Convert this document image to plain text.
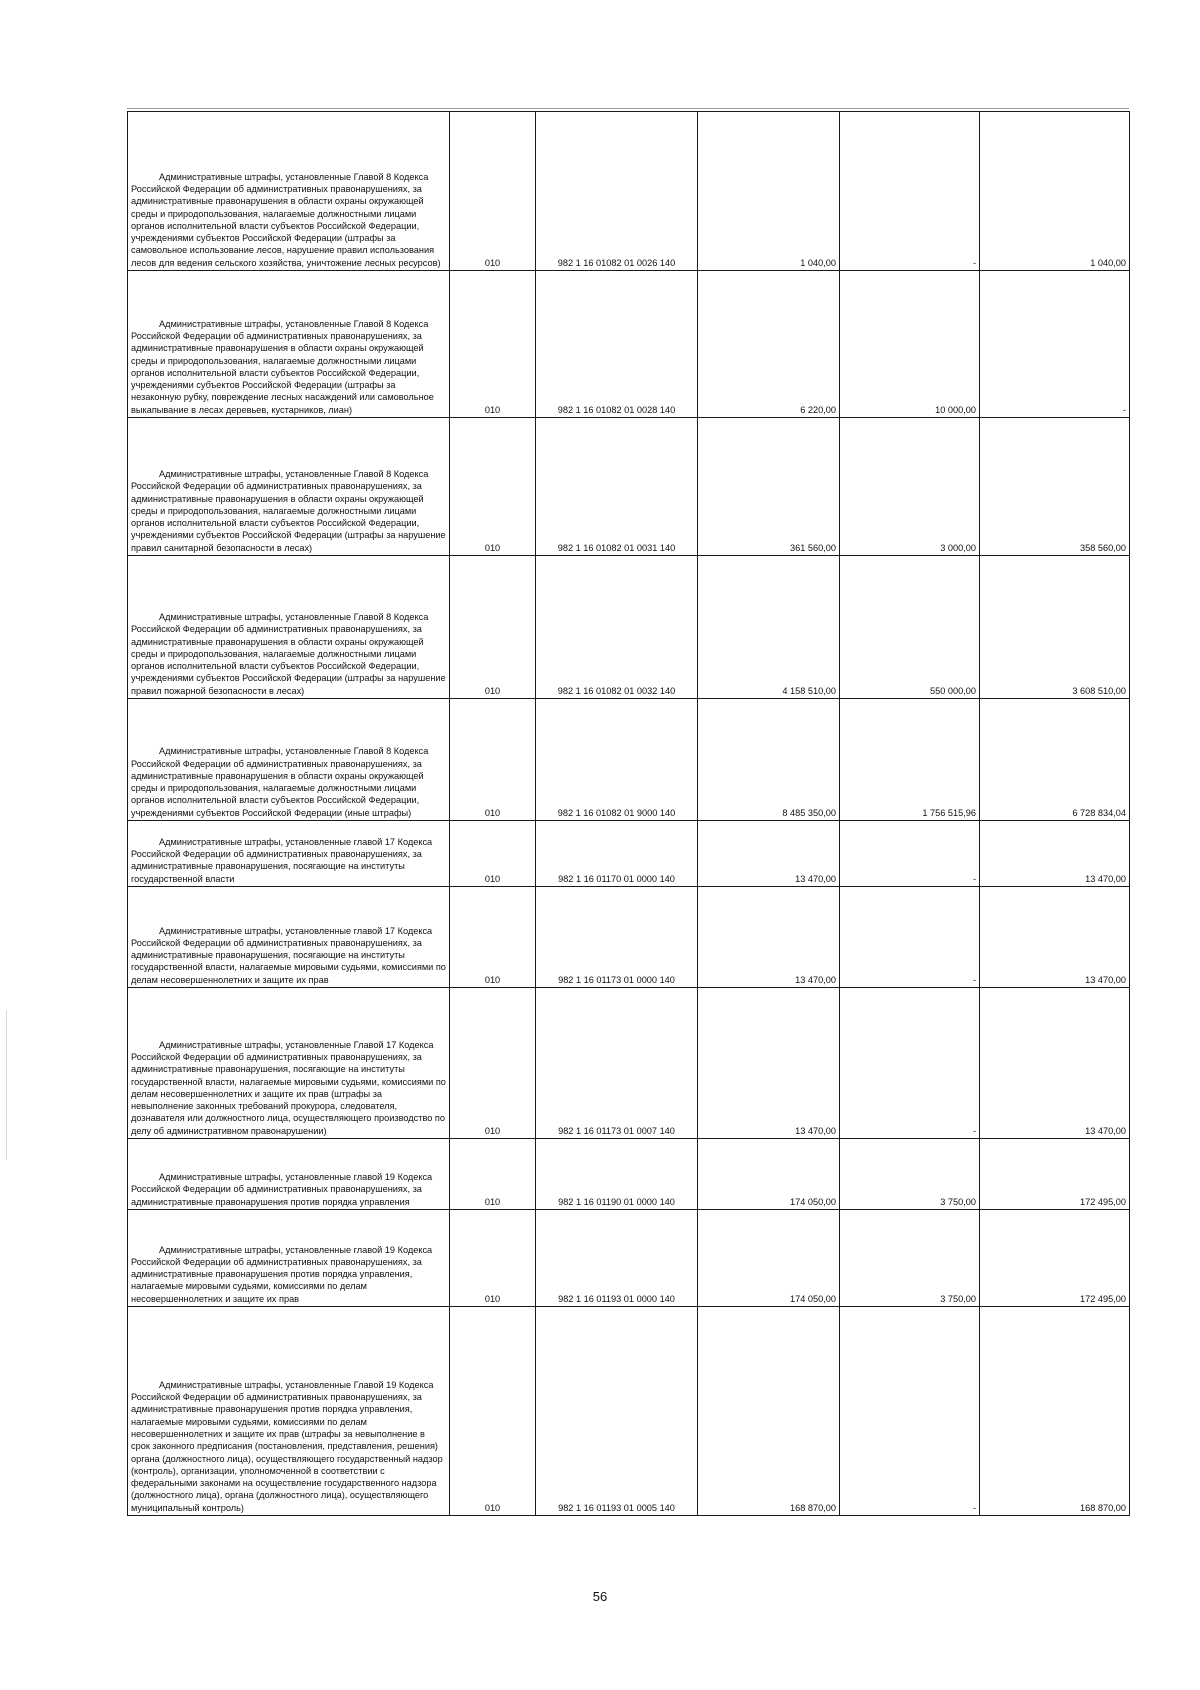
Административные штрафы, установленные Главой 8 Кодекса Российской Федерации об административных правонарушениях, за административные правонарушения в области охраны окружающей среды и природопользования, налагаемые должностными лицами органов исполнительной власти субъектов Российской Федерации, учреждениями субъектов Российской Федерации (штрафы за самовольное использование лесов, нарушение правил использования лесов для ведения сельского хозяйства, уничтожение лесных ресурсов)	010	982 1 16 01082 01 0026 140	1 040,00	-	1 040,00
Административные штрафы, установленные Главой 8 Кодекса Российской Федерации об административных правонарушениях, за административные правонарушения в области охраны окружающей среды и природопользования, налагаемые должностными лицами органов исполнительной власти субъектов Российской Федерации, учреждениями субъектов Российской Федерации (штрафы за незаконную рубку, повреждение лесных насаждений или самовольное выкапывание в лесах деревьев, кустарников, лиан)	010	982 1 16 01082 01 0028 140	6 220,00	10 000,00	-
Административные штрафы, установленные Главой 8 Кодекса Российской Федерации об административных правонарушениях, за административные правонарушения в области охраны окружающей среды и природопользования, налагаемые должностными лицами органов исполнительной власти субъектов Российской Федерации, учреждениями субъектов Российской Федерации (штрафы за нарушение правил санитарной безопасности в лесах)	010	982 1 16 01082 01 0031 140	361 560,00	3 000,00	358 560,00
Административные штрафы, установленные Главой 8 Кодекса Российской Федерации об административных правонарушениях, за административные правонарушения в области охраны окружающей среды и природопользования, налагаемые должностными лицами органов исполнительной власти субъектов Российской Федерации, учреждениями субъектов Российской Федерации (штрафы за нарушение правил пожарной безопасности в лесах)	010	982 1 16 01082 01 0032 140	4 158 510,00	550 000,00	3 608 510,00
Административные штрафы, установленные Главой 8 Кодекса Российской Федерации об административных правонарушениях, за административные правонарушения в области охраны окружающей среды и природопользования, налагаемые должностными лицами органов исполнительной власти субъектов Российской Федерации, учреждениями субъектов Российской Федерации (иные штрафы)	010	982 1 16 01082 01 9000 140	8 485 350,00	1 756 515,96	6 728 834,04
Административные штрафы, установленные главой 17 Кодекса Российской Федерации об административных правонарушениях, за административные правонарушения, посягающие на институты государственной власти	010	982 1 16 01170 01 0000 140	13 470,00	-	13 470,00
Административные штрафы, установленные главой 17 Кодекса Российской Федерации об административных правонарушениях, за административные правонарушения, посягающие на институты государственной власти, налагаемые мировыми судьями, комиссиями по делам несовершеннолетних и защите их прав	010	982 1 16 01173 01 0000 140	13 470,00	-	13 470,00
Административные штрафы, установленные Главой 17 Кодекса Российской Федерации об административных правонарушениях, за административные правонарушения, посягающие на институты государственной власти, налагаемые мировыми судьями, комиссиями по делам несовершеннолетних и защите их прав (штрафы за невыполнение законных требований прокурора, следователя, дознавателя или должностного лица, осуществляющего производство по делу об административном правонарушении)	010	982 1 16 01173 01 0007 140	13 470,00	-	13 470,00
Административные штрафы, установленные главой 19 Кодекса Российской Федерации об административных правонарушениях, за административные правонарушения против порядка управления	010	982 1 16 01190 01 0000 140	174 050,00	3 750,00	172 495,00
Административные штрафы, установленные главой 19 Кодекса Российской Федерации об административных правонарушениях, за административные правонарушения против порядка управления, налагаемые мировыми судьями, комиссиями по делам несовершеннолетних и защите их прав	010	982 1 16 01193 01 0000 140	174 050,00	3 750,00	172 495,00
Административные штрафы, установленные Главой 19 Кодекса Российской Федерации об административных правонарушениях, за административные правонарушения против порядка управления, налагаемые мировыми судьями, комиссиями по делам несовершеннолетних и защите их прав (штрафы за невыполнение в срок законного предписания (постановления, представления, решения) органа (должностного лица), осуществляющего государственный надзор (контроль), организации, уполномоченной в соответствии с федеральными законами на осуществление государственного надзора (должностного лица), органа (должностного лица), осуществляющего муниципальный контроль)	010	982 1 16 01193 01 0005 140	168 870,00	-	168 870,00
56
